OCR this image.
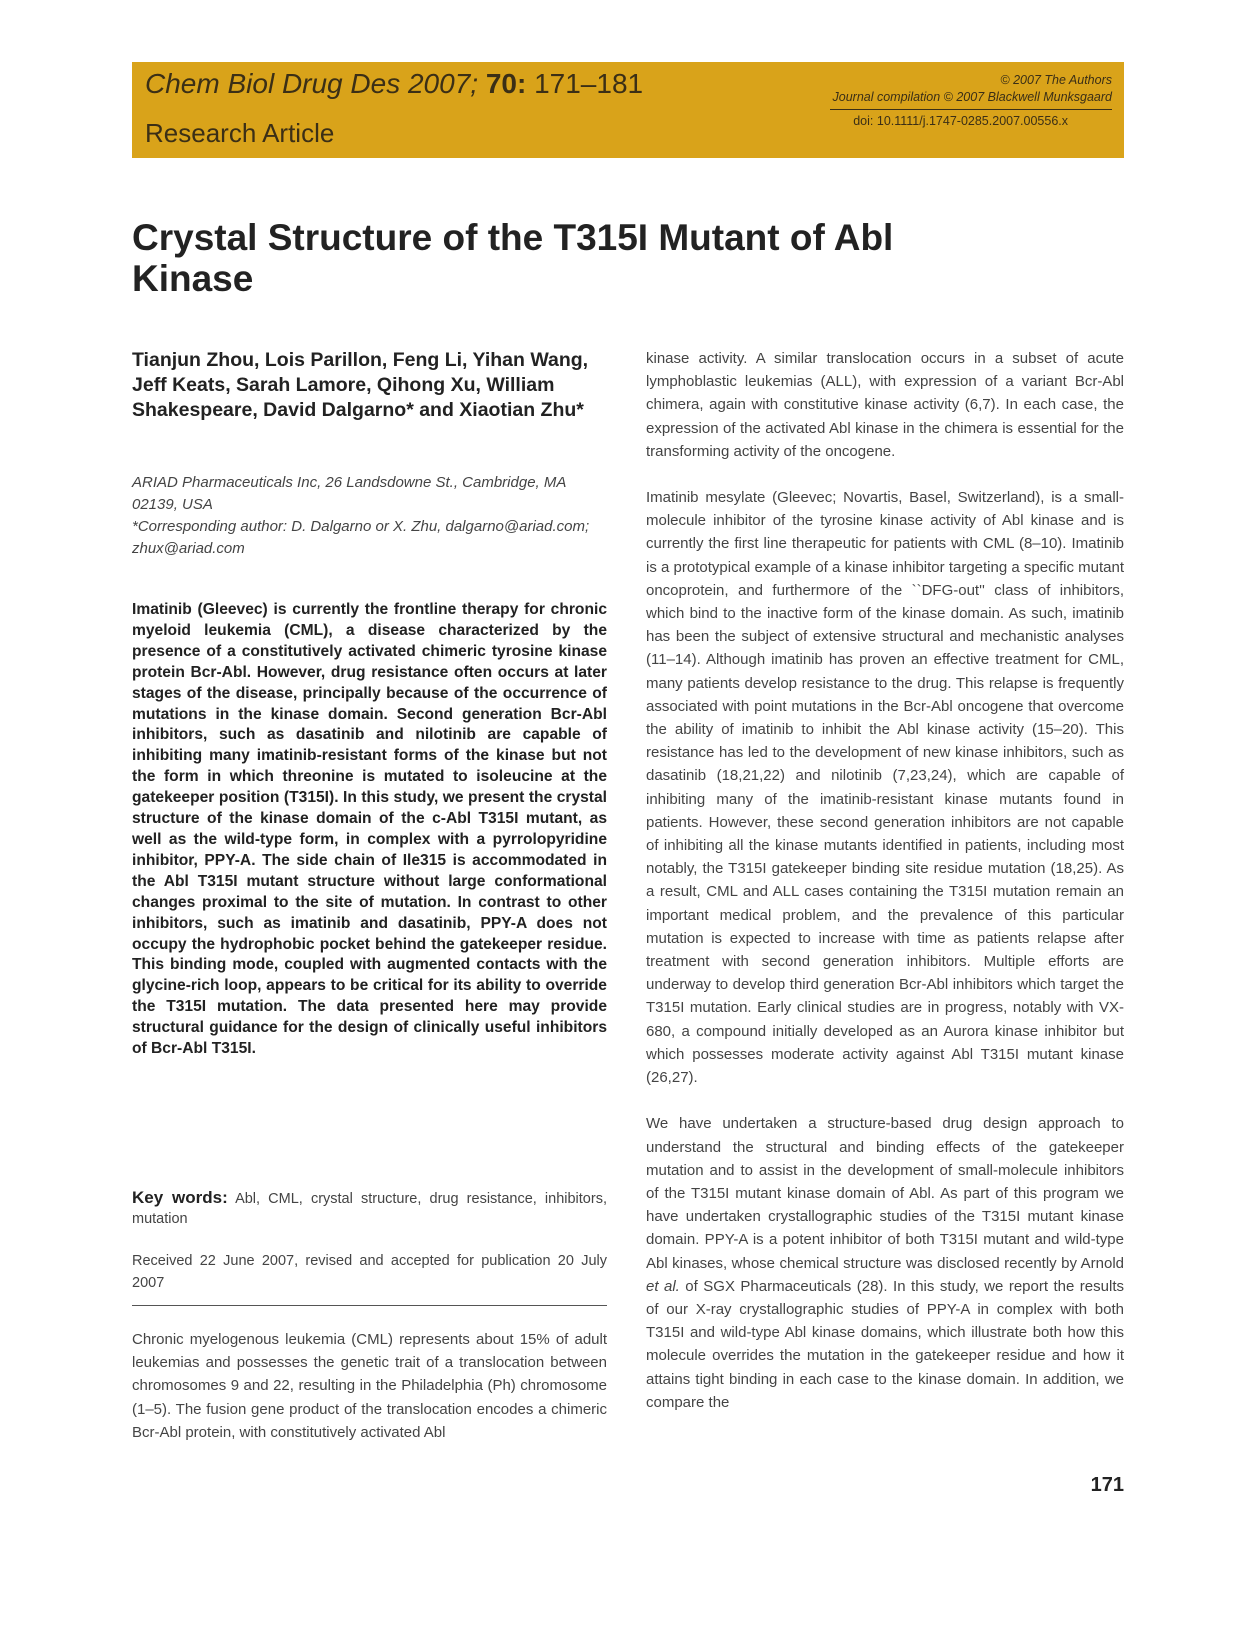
Chem Biol Drug Des 2007; 70: 171–181
Research Article
© 2007 The Authors
Journal compilation © 2007 Blackwell Munksgaard
doi: 10.1111/j.1747-0285.2007.00556.x
Crystal Structure of the T315I Mutant of Abl Kinase
Tianjun Zhou, Lois Parillon, Feng Li, Yihan Wang, Jeff Keats, Sarah Lamore, Qihong Xu, William Shakespeare, David Dalgarno* and Xiaotian Zhu*

ARIAD Pharmaceuticals Inc, 26 Landsdowne St., Cambridge, MA 02139, USA

*Corresponding author: D. Dalgarno or X. Zhu, dalgarno@ariad.com; zhux@ariad.com

Imatinib (Gleevec) is currently the frontline therapy for chronic myeloid leukemia (CML), a disease characterized by the presence of a constitutively activated chimeric tyrosine kinase protein Bcr-Abl. However, drug resistance often occurs at later stages of the disease, principally because of the occurrence of mutations in the kinase domain. Second generation Bcr-Abl inhibitors, such as dasatinib and nilotinib are capable of inhibiting many imatinib-resistant forms of the kinase but not the form in which threonine is mutated to isoleucine at the gatekeeper position (T315I). In this study, we present the crystal structure of the kinase domain of the c-Abl T315I mutant, as well as the wild-type form, in complex with a pyrrolopyridine inhibitor, PPY-A. The side chain of Ile315 is accommodated in the Abl T315I mutant structure without large conformational changes proximal to the site of mutation. In contrast to other inhibitors, such as imatinib and dasatinib, PPY-A does not occupy the hydrophobic pocket behind the gatekeeper residue. This binding mode, coupled with augmented contacts with the glycine-rich loop, appears to be critical for its ability to override the T315I mutation. The data presented here may provide structural guidance for the design of clinically useful inhibitors of Bcr-Abl T315I.

Key words: Abl, CML, crystal structure, drug resistance, inhibitors, mutation
Received 22 June 2007, revised and accepted for publication 20 July 2007

Chronic myelogenous leukemia (CML) represents about 15% of adult leukemias and possesses the genetic trait of a translocation between chromosomes 9 and 22, resulting in the Philadelphia (Ph) chromosome (1–5). The fusion gene product of the translocation encodes a chimeric Bcr-Abl protein, with constitutively activated Abl

kinase activity. A similar translocation occurs in a subset of acute lymphoblastic leukemias (ALL), with expression of a variant Bcr-Abl chimera, again with constitutive kinase activity (6,7). In each case, the expression of the activated Abl kinase in the chimera is essential for the transforming activity of the oncogene.

Imatinib mesylate (Gleevec; Novartis, Basel, Switzerland), is a small-molecule inhibitor of the tyrosine kinase activity of Abl kinase and is currently the first line therapeutic for patients with CML (8–10). Imatinib is a prototypical example of a kinase inhibitor targeting a specific mutant oncoprotein, and furthermore of the ``DFG-out'' class of inhibitors, which bind to the inactive form of the kinase domain. As such, imatinib has been the subject of extensive structural and mechanistic analyses (11–14). Although imatinib has proven an effective treatment for CML, many patients develop resistance to the drug. This relapse is frequently associated with point mutations in the Bcr-Abl oncogene that overcome the ability of imatinib to inhibit the Abl kinase activity (15–20). This resistance has led to the development of new kinase inhibitors, such as dasatinib (18,21,22) and nilotinib (7,23,24), which are capable of inhibiting many of the imatinib-resistant kinase mutants found in patients. However, these second generation inhibitors are not capable of inhibiting all the kinase mutants identified in patients, including most notably, the T315I gatekeeper binding site residue mutation (18,25). As a result, CML and ALL cases containing the T315I mutation remain an important medical problem, and the prevalence of this particular mutation is expected to increase with time as patients relapse after treatment with second generation inhibitors. Multiple efforts are underway to develop third generation Bcr-Abl inhibitors which target the T315I mutation. Early clinical studies are in progress, notably with VX-680, a compound initially developed as an Aurora kinase inhibitor but which possesses moderate activity against Abl T315I mutant kinase (26,27).

We have undertaken a structure-based drug design approach to understand the structural and binding effects of the gatekeeper mutation and to assist in the development of small-molecule inhibitors of the T315I mutant kinase domain of Abl. As part of this program we have undertaken crystallographic studies of the T315I mutant kinase domain. PPY-A is a potent inhibitor of both T315I mutant and wild-type Abl kinases, whose chemical structure was disclosed recently by Arnold et al. of SGX Pharmaceuticals (28). In this study, we report the results of our X-ray crystallographic studies of PPY-A in complex with both T315I and wild-type Abl kinase domains, which illustrate both how this molecule overrides the mutation in the gatekeeper residue and how it attains tight binding in each case to the kinase domain. In addition, we compare the

171
